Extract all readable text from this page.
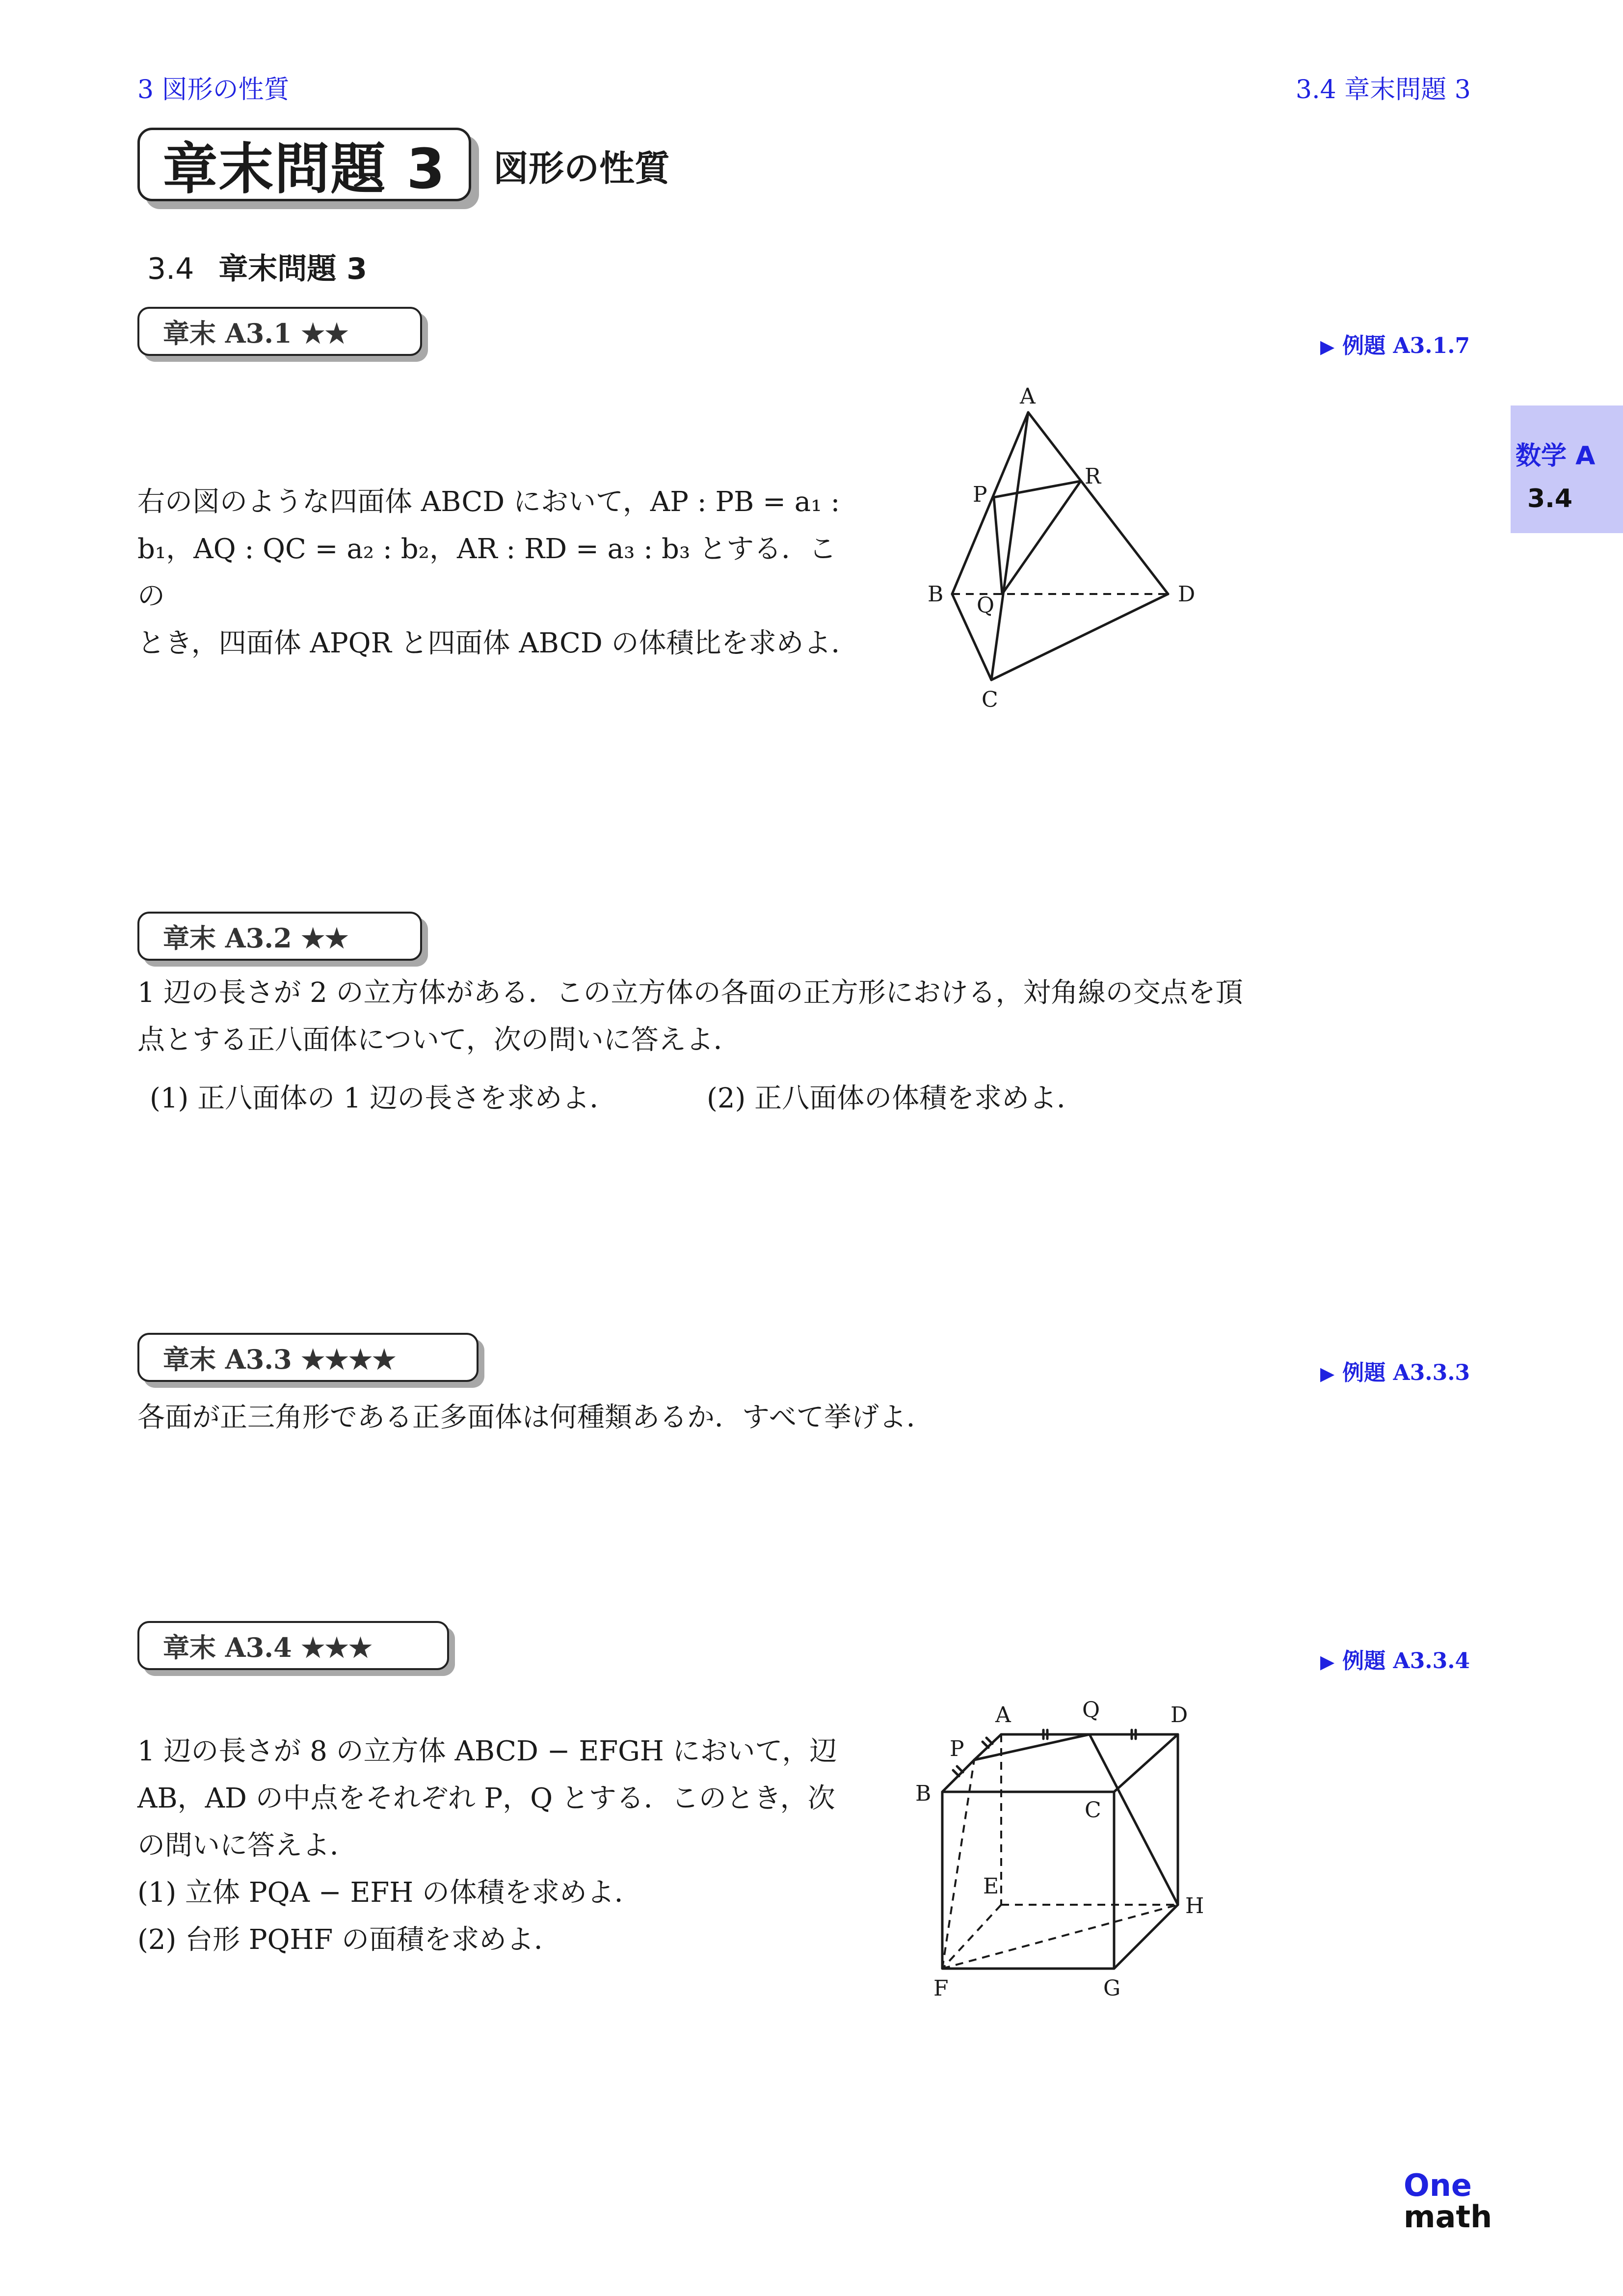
3 図形の性質	3.4 章末問題 3
章末問題 3 図形の性質
3.4 章末問題 3
数学 A
3.4
章末 A3.1 ★★	▶ 例題 A3.1.7
右の図のような四面体 ABCD において，AP : PB = a₁ :
b₁，AQ : QC = a₂ : b₂，AR : RD = a₃ : b₃ とする．この
とき，四面体 APQR と四面体 ABCD の体積比を求めよ．
A
P
R
B Q	D
C
章末 A3.2 ★★
1 辺の長さが 2 の立方体がある．この立方体の各面の正方形における，対角線の交点を頂
点とする正八面体について，次の問いに答えよ．
(1) 正八面体の 1 辺の長さを求めよ．	(2) 正八面体の体積を求めよ．
章末 A3.3 ★★★★	▶ 例題 A3.3.3
各面が正三角形である正多面体は何種類あるか．すべて挙げよ．
章末 A3.4 ★★★	▶ 例題 A3.3.4
1 辺の長さが 8 の立方体 ABCD − EFGH において，辺
AB，AD の中点をそれぞれ P，Q とする．このとき，次
の問いに答えよ．
(1) 立体 PQA − EFH の体積を求めよ．
(2) 台形 PQHF の面積を求めよ．
A	Q	D
P
B
C
E
H
F	G
One
math
